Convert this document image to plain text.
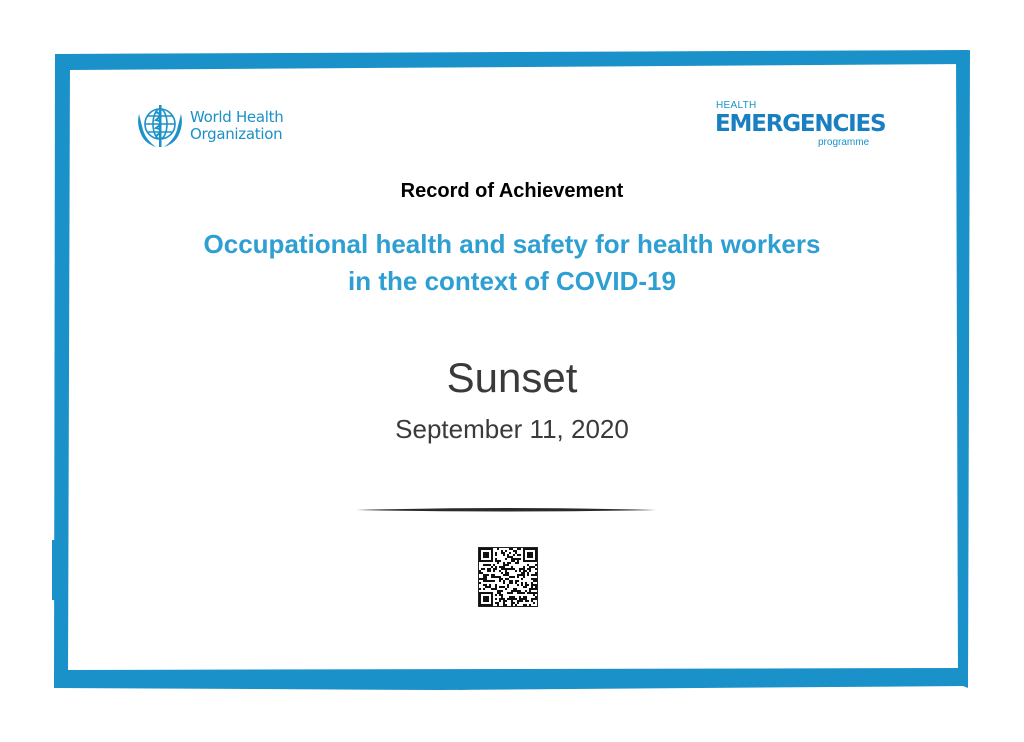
World Health
Organization
HEALTH
EMERGENCIES
programme
Record of Achievement
Occupational health and safety for health workers
in the context of COVID-19
Sunset
September 11, 2020
